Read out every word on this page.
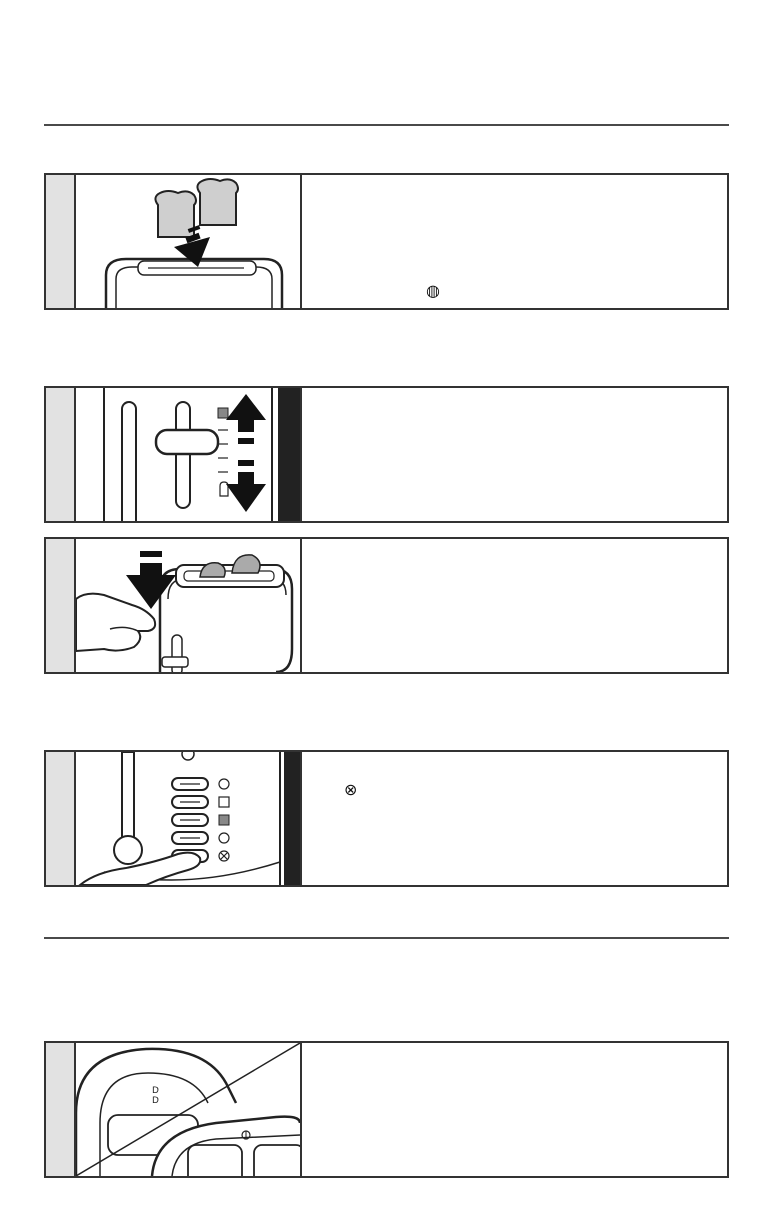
◍
⊗
D
D
